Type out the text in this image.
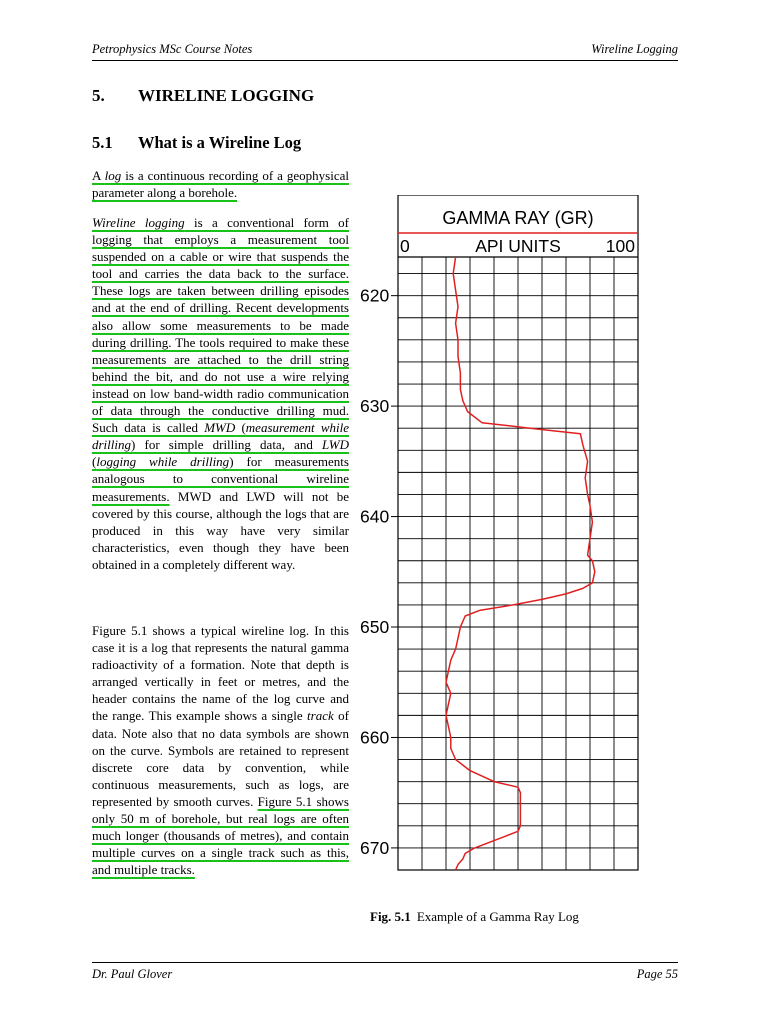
Petrophysics MSc Course Notes	Wireline Logging
5. WIRELINE LOGGING
5.1 What is a Wireline Log

A log is a continuous recording of a geophysical parameter along a borehole.

Wireline logging is a conventional form of logging that employs a measurement tool suspended on a cable or wire that suspends the tool and carries the data back to the surface. These logs are taken between drilling episodes and at the end of drilling. Recent developments also allow some measurements to be made during drilling. The tools required to make these measurements are attached to the drill string behind the bit, and do not use a wire relying instead on low band-width radio communication of data through the conductive drilling mud. Such data is called MWD (measurement while drilling) for simple drilling data, and LWD (logging while drilling) for measurements analogous to conventional wireline measurements. MWD and LWD will not be covered by this course, although the logs that are produced in this way have very similar characteristics, even though they have been obtained in a completely different way.

Figure 5.1 shows a typical wireline log. In this case it is a log that represents the natural gamma radioactivity of a formation. Note that depth is arranged vertically in feet or metres, and the header contains the name of the log curve and the range. This example shows a single track of data. Note also that no data symbols are shown on the curve. Symbols are retained to represent discrete core data by convention, while continuous measurements, such as logs, are represented by smooth curves. Figure 5.1 shows only 50 m of borehole, but real logs are often much longer (thousands of metres), and contain multiple curves on a single track such as this, and multiple tracks.

GAMMA RAY (GR)
0	API UNITS	100
620
630
640
650
660
670
Fig. 5.1 Example of a Gamma Ray Log
Dr. Paul Glover	Page 55
